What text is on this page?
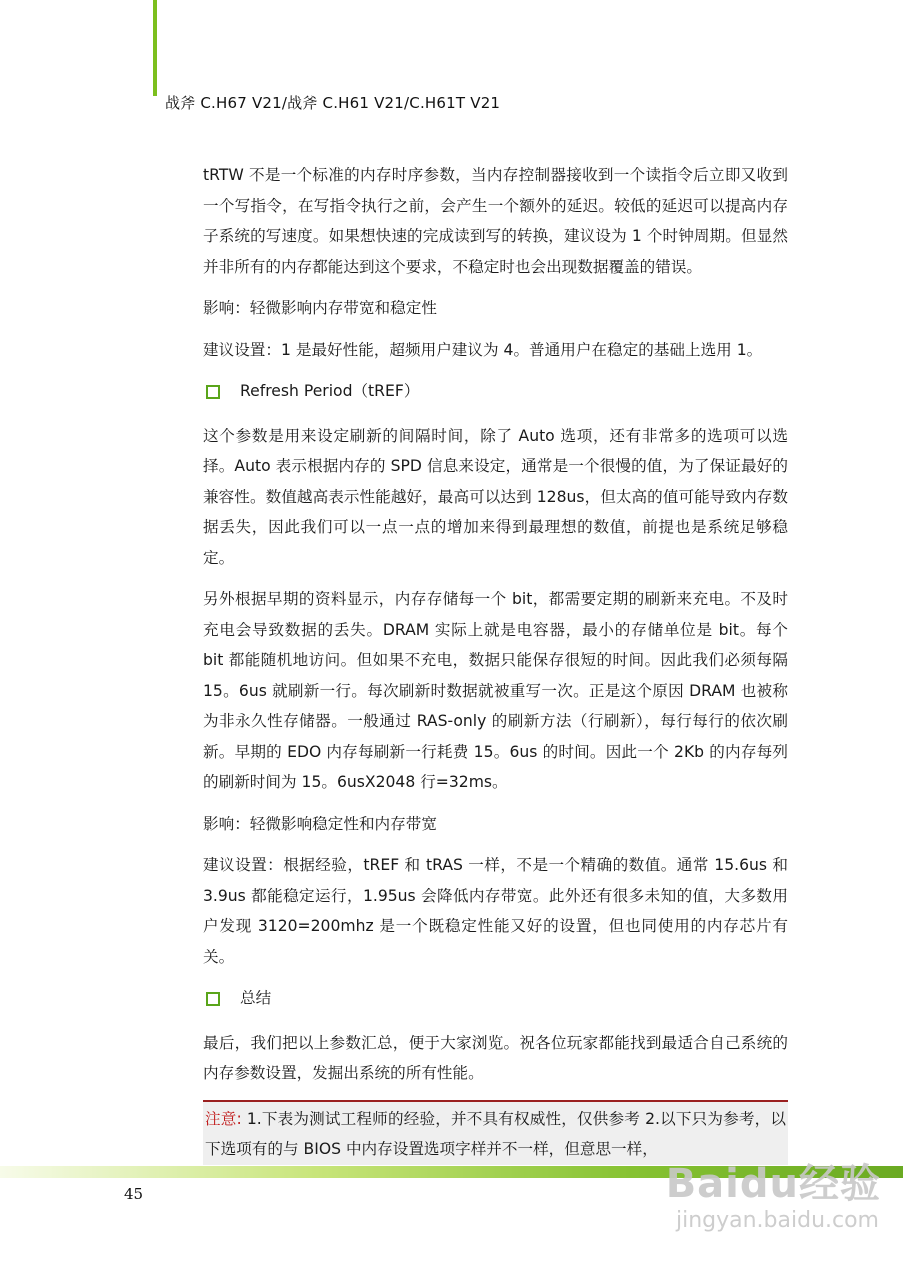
战斧 C.H67 V21/战斧 C.H61 V21/C.H61T V21

tRTW 不是一个标准的内存时序参数，当内存控制器接收到一个读指令后立即又收到一个写指令，在写指令执行之前，会产生一个额外的延迟。较低的延迟可以提高内存子系统的写速度。如果想快速的完成读到写的转换，建议设为 1 个时钟周期。但显然并非所有的内存都能达到这个要求，不稳定时也会出现数据覆盖的错误。

影响：轻微影响内存带宽和稳定性

建议设置：1 是最好性能，超频用户建议为 4。普通用户在稳定的基础上选用 1。

Refresh Period（tREF）

这个参数是用来设定刷新的间隔时间，除了 Auto 选项，还有非常多的选项可以选择。Auto 表示根据内存的 SPD 信息来设定，通常是一个很慢的值，为了保证最好的兼容性。数值越高表示性能越好，最高可以达到 128us，但太高的值可能导致内存数据丢失，因此我们可以一点一点的增加来得到最理想的数值，前提也是系统足够稳定。

另外根据早期的资料显示，内存存储每一个 bit，都需要定期的刷新来充电。不及时充电会导致数据的丢失。DRAM 实际上就是电容器，最小的存储单位是 bit。每个 bit 都能随机地访问。但如果不充电，数据只能保存很短的时间。因此我们必须每隔 15。6us 就刷新一行。每次刷新时数据就被重写一次。正是这个原因 DRAM 也被称为非永久性存储器。一般通过 RAS-only 的刷新方法（行刷新），每行每行的依次刷新。早期的 EDO 内存每刷新一行耗费 15。6us 的时间。因此一个 2Kb 的内存每列的刷新时间为 15。6usX2048 行=32ms。

影响：轻微影响稳定性和内存带宽

建议设置：根据经验，tREF 和 tRAS 一样，不是一个精确的数值。通常 15.6us 和 3.9us 都能稳定运行，1.95us 会降低内存带宽。此外还有很多未知的值，大多数用户发现 3120=200mhz 是一个既稳定性能又好的设置，但也同使用的内存芯片有关。

总结

最后，我们把以上参数汇总，便于大家浏览。祝各位玩家都能找到最适合自己系统的内存参数设置，发掘出系统的所有性能。

注意: 1.下表为测试工程师的经验，并不具有权威性，仅供参考 2.以下只为参考，以下选项有的与 BIOS 中内存设置选项字样并不一样，但意思一样，

45	Baidu经验
jingyan.baidu.com
